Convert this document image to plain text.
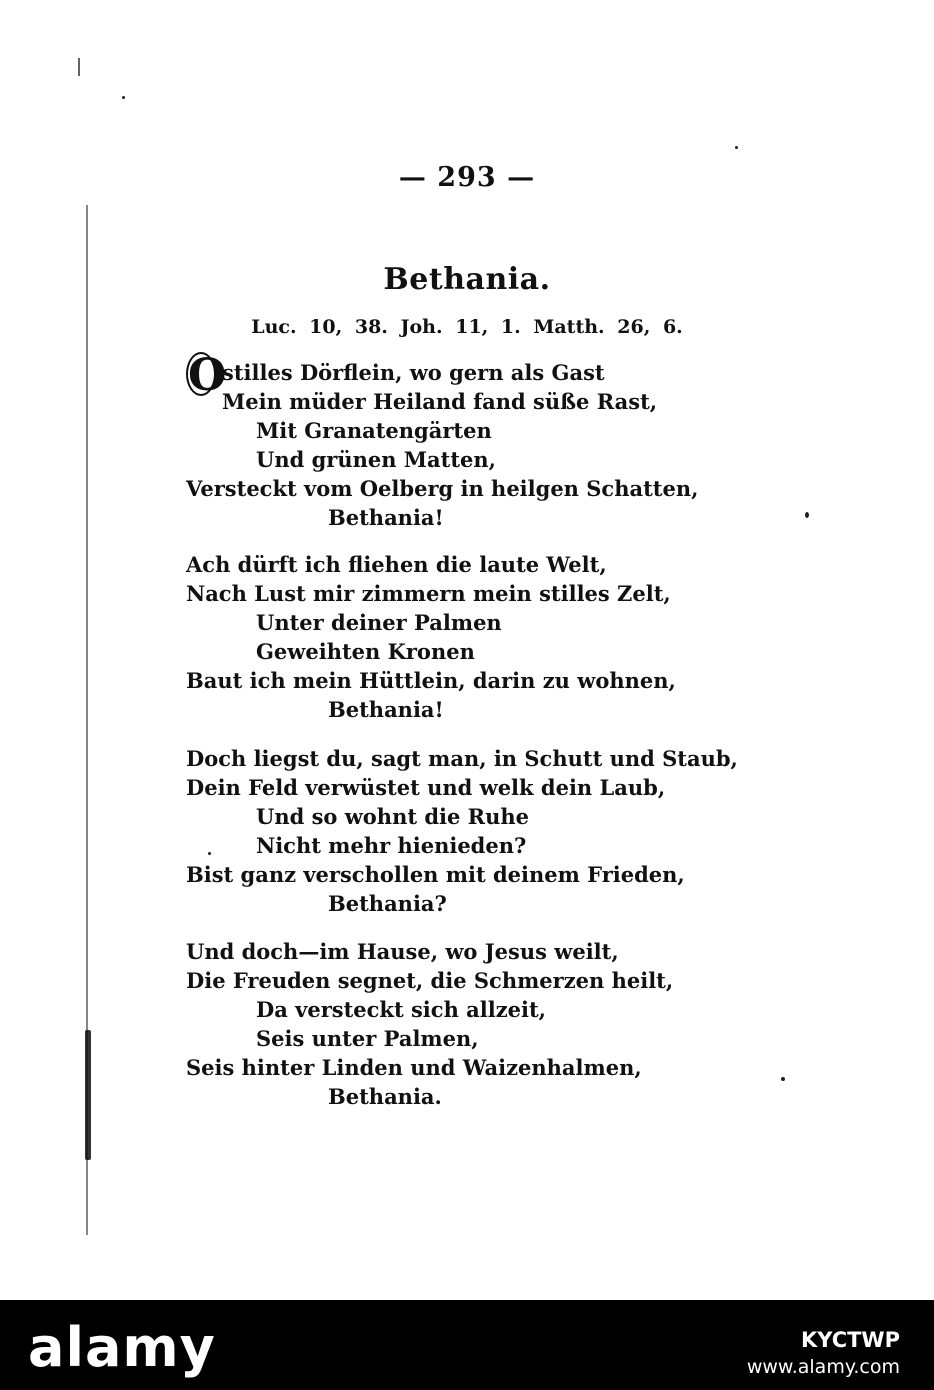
— 293 —
Bethania.
Luc. 10, 38. Joh. 11, 1. Matth. 26, 6.
O
stilles Dörflein, wo gern als Gast
Mein müder Heiland fand süße Rast,
Mit Granatengärten
Und grünen Matten,
Versteckt vom Oelberg in heilgen Schatten,
Bethania!
Ach dürft ich fliehen die laute Welt,
Nach Lust mir zimmern mein stilles Zelt,
Unter deiner Palmen
Geweihten Kronen
Baut ich mein Hüttlein, darin zu wohnen,
Bethania!
Doch liegst du, sagt man, in Schutt und Staub,
Dein Feld verwüstet und welk dein Laub,
Und so wohnt die Ruhe
Nicht mehr hienieden?
Bist ganz verschollen mit deinem Frieden,
Bethania?
Und doch—im Hause, wo Jesus weilt,
Die Freuden segnet, die Schmerzen heilt,
Da versteckt sich allzeit,
Seis unter Palmen,
Seis hinter Linden und Waizenhalmen,
Bethania.
alamy	KYCTWP
www.alamy.com
